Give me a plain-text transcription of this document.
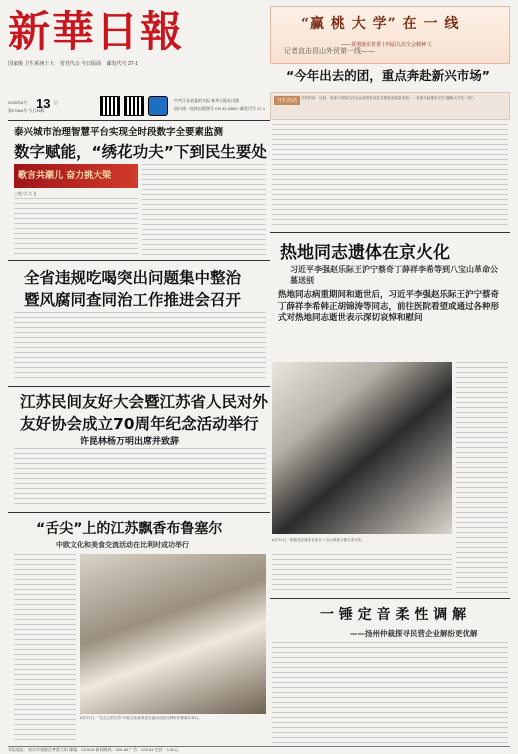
新華日報
国家级 卫生系统十大 省党代会 今日版面 邮发代号 27-1
2025年6月 13 日
第27664号 今日16版
中共江苏省委机关报 新华日报社出版
国内统一连续出版物号 CN 32-0080 / 邮发代号 27-1
“赢 桃 大 学” 在 一 线
——贯彻落实省委十四届九次全会精神 ①
记者直击昆山外贸第一线——
“今年出去的团，重点奔赴新兴市场”
开栏的话	开栏的话：目前，省委十四届九次全会奋进发动扎实推进高质量发展……本报今起推出专栏“赢桃大学在一线”。
泰兴城市治理智慧平台实现全时段数字全要素监测
数字赋能，“绣花功夫”下到民生要处
歌言共潮儿 奋力挑大梁
三级 ◎ 九飞
全省违规吃喝突出问题集中整治
暨风腐同查同治工作推进会召开
江苏民间友好大会暨江苏省人民对外
友好协会成立70周年纪念活动举行
许昆林杨万明出席并致辞
“舌尖”上的江苏飘香布鲁塞尔
中欧文化和美食交流活动在比利时成功举行
6月11日，“舌尖上的江苏”中欧文化和美食交流活动在比利时布鲁塞尔举行。
热地同志遗体在京火化
习近平李强赵乐际王沪宁蔡奇丁薛祥李希等到八宝山革命公墓送别
热地同志病重期间和逝世后，习近平李强赵乐际王沪宁蔡奇丁薛祥李希韩正胡锦涛等同志，前往医院看望或通过各种形式对热地同志逝世表示深切哀悼和慰问
6月12日，热地同志遗体在北京八宝山革命公墓礼堂火化。
一 锤 定 音 柔 性 调 解
——扬州仲裁探寻民营企业解纷更优解
本报地址：南京市建邺区梦都大街 邮编：210019 新闻热线：025-88 广告：025-84 定价：1.50元
